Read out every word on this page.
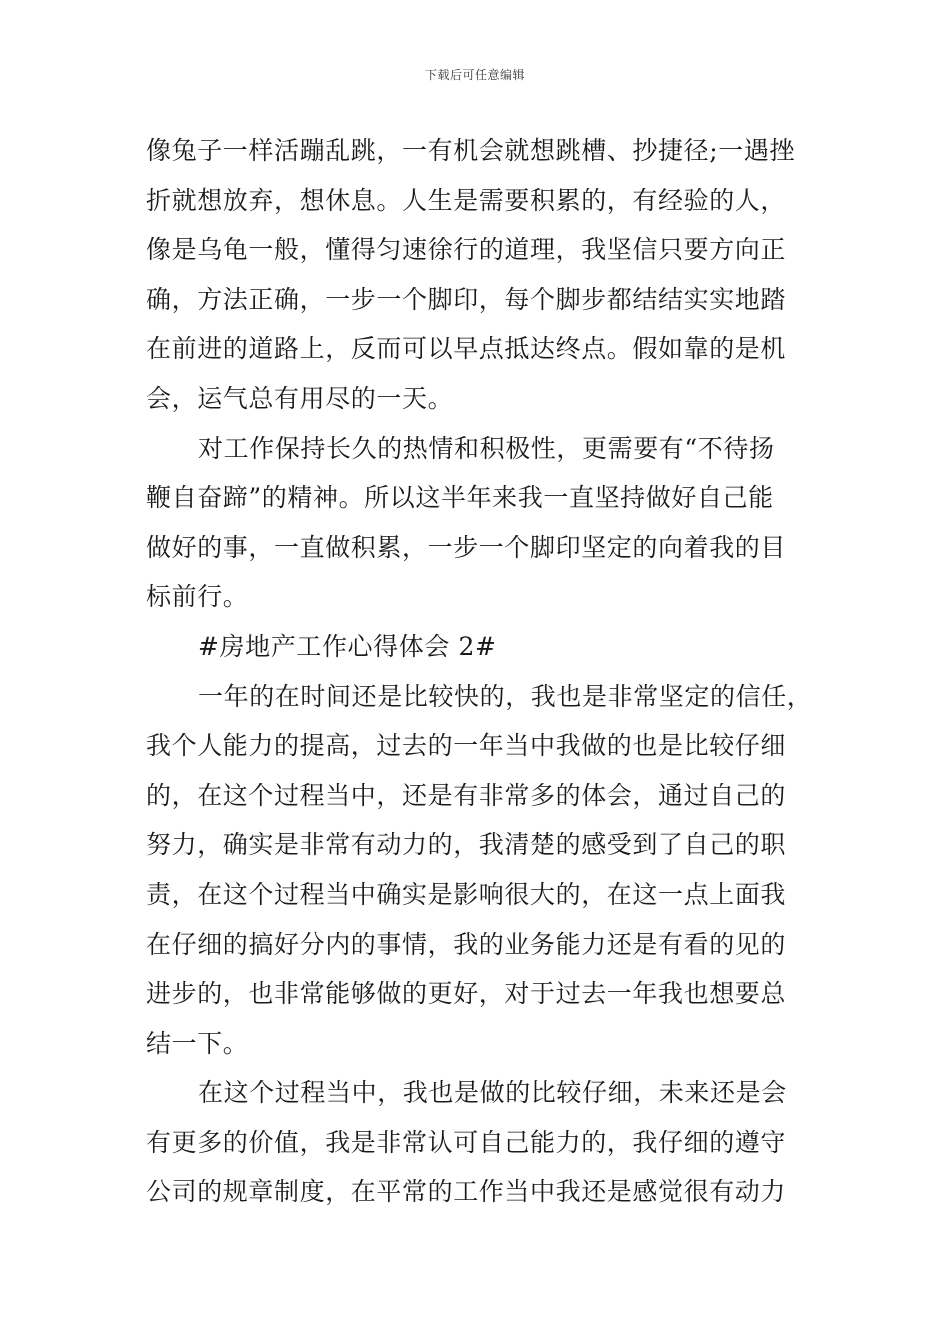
下载后可任意编辑
像兔子一样活蹦乱跳，一有机会就想跳槽、抄捷径;一遇挫
折就想放弃，想休息。人生是需要积累的，有经验的人，
像是乌龟一般，懂得匀速徐行的道理，我坚信只要方向正
确，方法正确，一步一个脚印，每个脚步都结结实实地踏
在前进的道路上，反而可以早点抵达终点。假如靠的是机
会，运气总有用尽的一天。
对工作保持长久的热情和积极性，更需要有“不待扬
鞭自奋蹄”的精神。所以这半年来我一直坚持做好自己能
做好的事，一直做积累，一步一个脚印坚定的向着我的目
标前行。
#房地产工作心得体会 2#
一年的在时间还是比较快的，我也是非常坚定的信任，
我个人能力的提高，过去的一年当中我做的也是比较仔细
的，在这个过程当中，还是有非常多的体会，通过自己的
努力，确实是非常有动力的，我清楚的感受到了自己的职
责，在这个过程当中确实是影响很大的，在这一点上面我
在仔细的搞好分内的事情，我的业务能力还是有看的见的
进步的，也非常能够做的更好，对于过去一年我也想要总
结一下。
在这个过程当中，我也是做的比较仔细，未来还是会
有更多的价值，我是非常认可自己能力的，我仔细的遵守
公司的规章制度，在平常的工作当中我还是感觉很有动力
